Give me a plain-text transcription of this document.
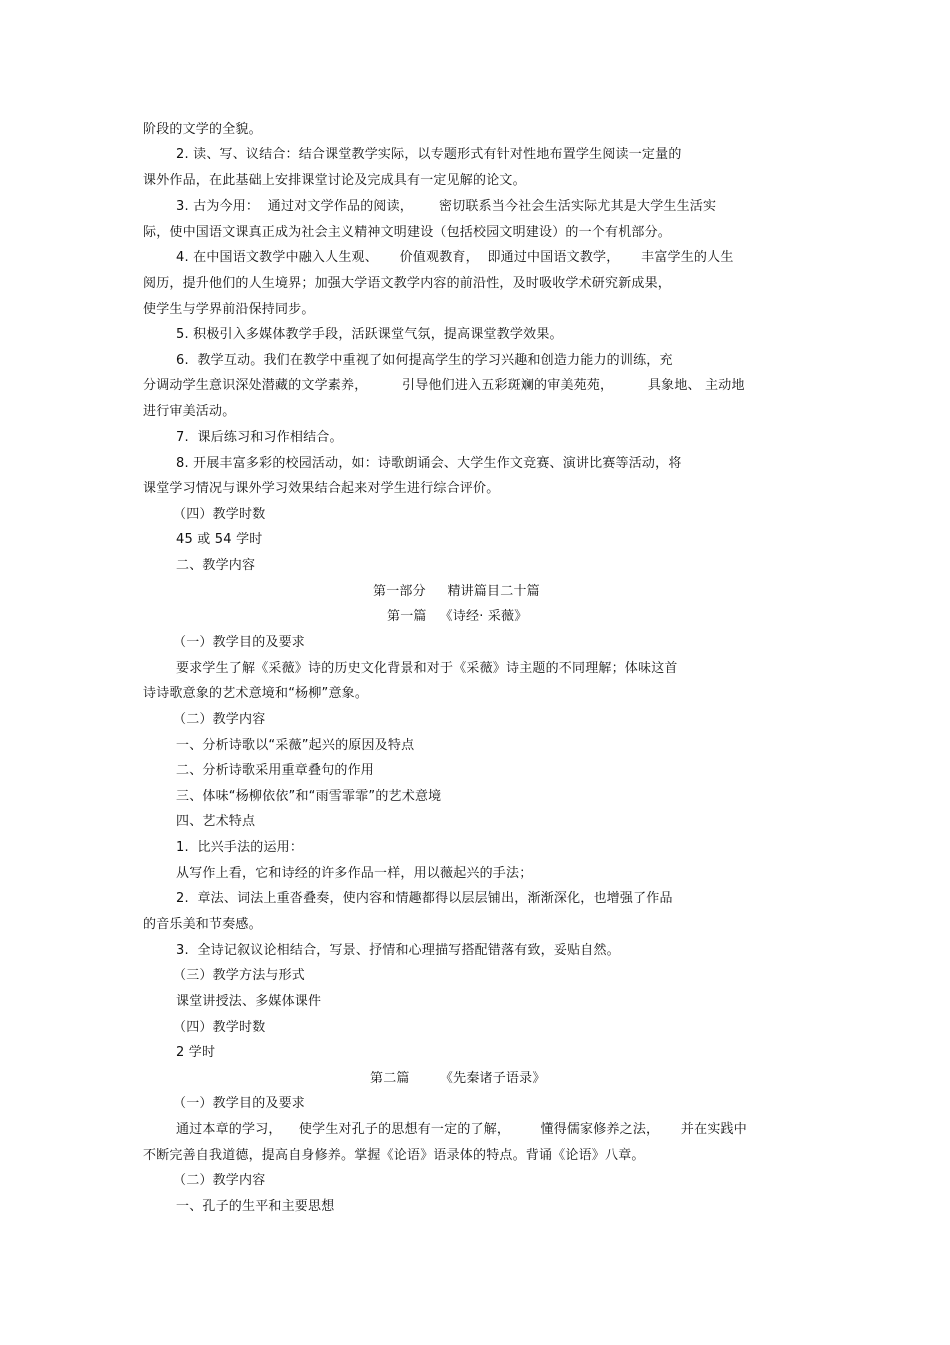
阶段的文学的全貌。
2. 读、写、议结合：结合课堂教学实际，以专题形式有针对性地布置学生阅读一定量的
课外作品，在此基础上安排课堂讨论及完成具有一定见解的论文。
3. 古为今用：  通过对文学作品的阅读，      密切联系当今社会生活实际尤其是大学生生活实
际，使中国语文课真正成为社会主义精神文明建设（包括校园文明建设）的一个有机部分。
4. 在中国语文教学中融入人生观、     价值观教育，  即通过中国语文教学，     丰富学生的人生
阅历，提升他们的人生境界；加强大学语文教学内容的前沿性，及时吸收学术研究新成果，
使学生与学界前沿保持同步。
5. 积极引入多媒体教学手段，活跃课堂气氛，提高课堂教学效果。
6.  教学互动。我们在教学中重视了如何提高学生的学习兴趣和创造力能力的训练，充
分调动学生意识深处潜藏的文学素养，        引导他们进入五彩斑斓的审美苑苑，        具象地、 主动地
进行审美活动。
7.  课后练习和习作相结合。
8. 开展丰富多彩的校园活动，如：诗歌朗诵会、大学生作文竞赛、演讲比赛等活动，将
课堂学习情况与课外学习效果结合起来对学生进行综合评价。
（四）教学时数
45 或 54 学时
二、教学内容
第一部分     精讲篇目二十篇
第一篇   《诗经· 采薇》
（一）教学目的及要求
要求学生了解《采薇》诗的历史文化背景和对于《采薇》诗主题的不同理解；体味这首
诗诗歌意象的艺术意境和“杨柳”意象。
（二）教学内容
一、分析诗歌以“采薇”起兴的原因及特点
二、分析诗歌采用重章叠句的作用
三、体味“杨柳依依”和“雨雪霏霏”的艺术意境
四、艺术特点
1.  比兴手法的运用：
从写作上看，它和诗经的许多作品一样，用以薇起兴的手法；
2.  章法、词法上重沓叠奏，使内容和情趣都得以层层铺出，渐渐深化，也增强了作品
的音乐美和节奏感。
3.  全诗记叙议论相结合，写景、抒情和心理描写搭配错落有致，妥贴自然。
（三）教学方法与形式
课堂讲授法、多媒体课件
（四）教学时数
2 学时
第二篇       《先秦诸子语录》
（一）教学目的及要求
通过本章的学习，    使学生对孔子的思想有一定的了解，       懂得儒家修养之法，     并在实践中
不断完善自我道德，提高自身修养。掌握《论语》语录体的特点。背诵《论语》八章。
（二）教学内容
一、孔子的生平和主要思想
